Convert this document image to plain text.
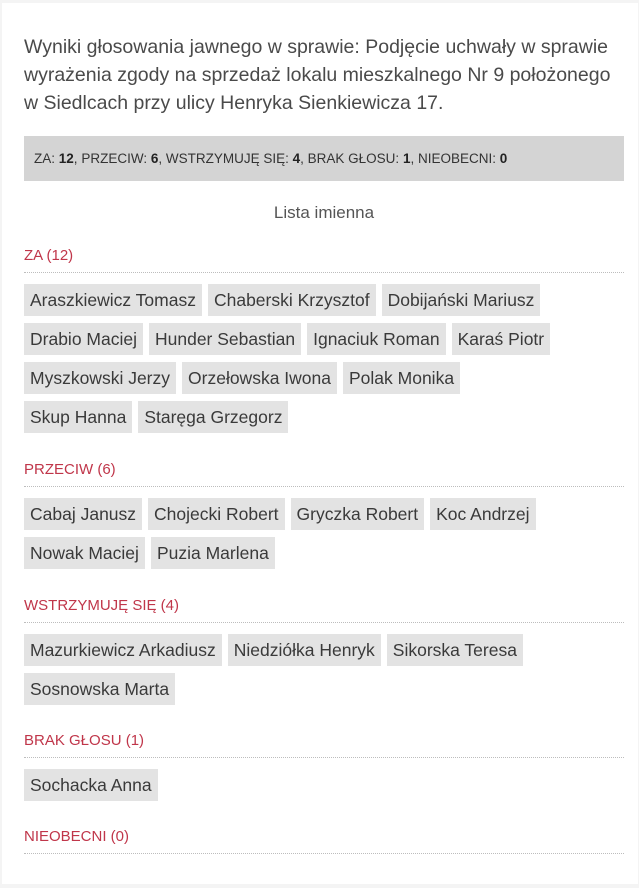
Wyniki głosowania jawnego w sprawie: Podjęcie uchwały w sprawie wyrażenia zgody na sprzedaż lokalu mieszkalnego Nr 9 położonego w Siedlcach przy ulicy Henryka Sienkiewicza 17.
ZA: 12, PRZECIW: 6, WSTRZYMUJĘ SIĘ: 4, BRAK GŁOSU: 1, NIEOBECNI: 0
Lista imienna
ZA (12)
Araszkiewicz Tomasz	Chaberski Krzysztof	Dobijański Mariusz
Drabio Maciej	Hunder Sebastian	Ignaciuk Roman	Karaś Piotr
Myszkowski Jerzy	Orzełowska Iwona	Polak Monika
Skup Hanna	Staręga Grzegorz
PRZECIW (6)
Cabaj Janusz	Chojecki Robert	Gryczka Robert	Koc Andrzej
Nowak Maciej	Puzia Marlena
WSTRZYMUJĘ SIĘ (4)
Mazurkiewicz Arkadiusz	Niedziółka Henryk	Sikorska Teresa
Sosnowska Marta
BRAK GŁOSU (1)
Sochacka Anna
NIEOBECNI (0)
